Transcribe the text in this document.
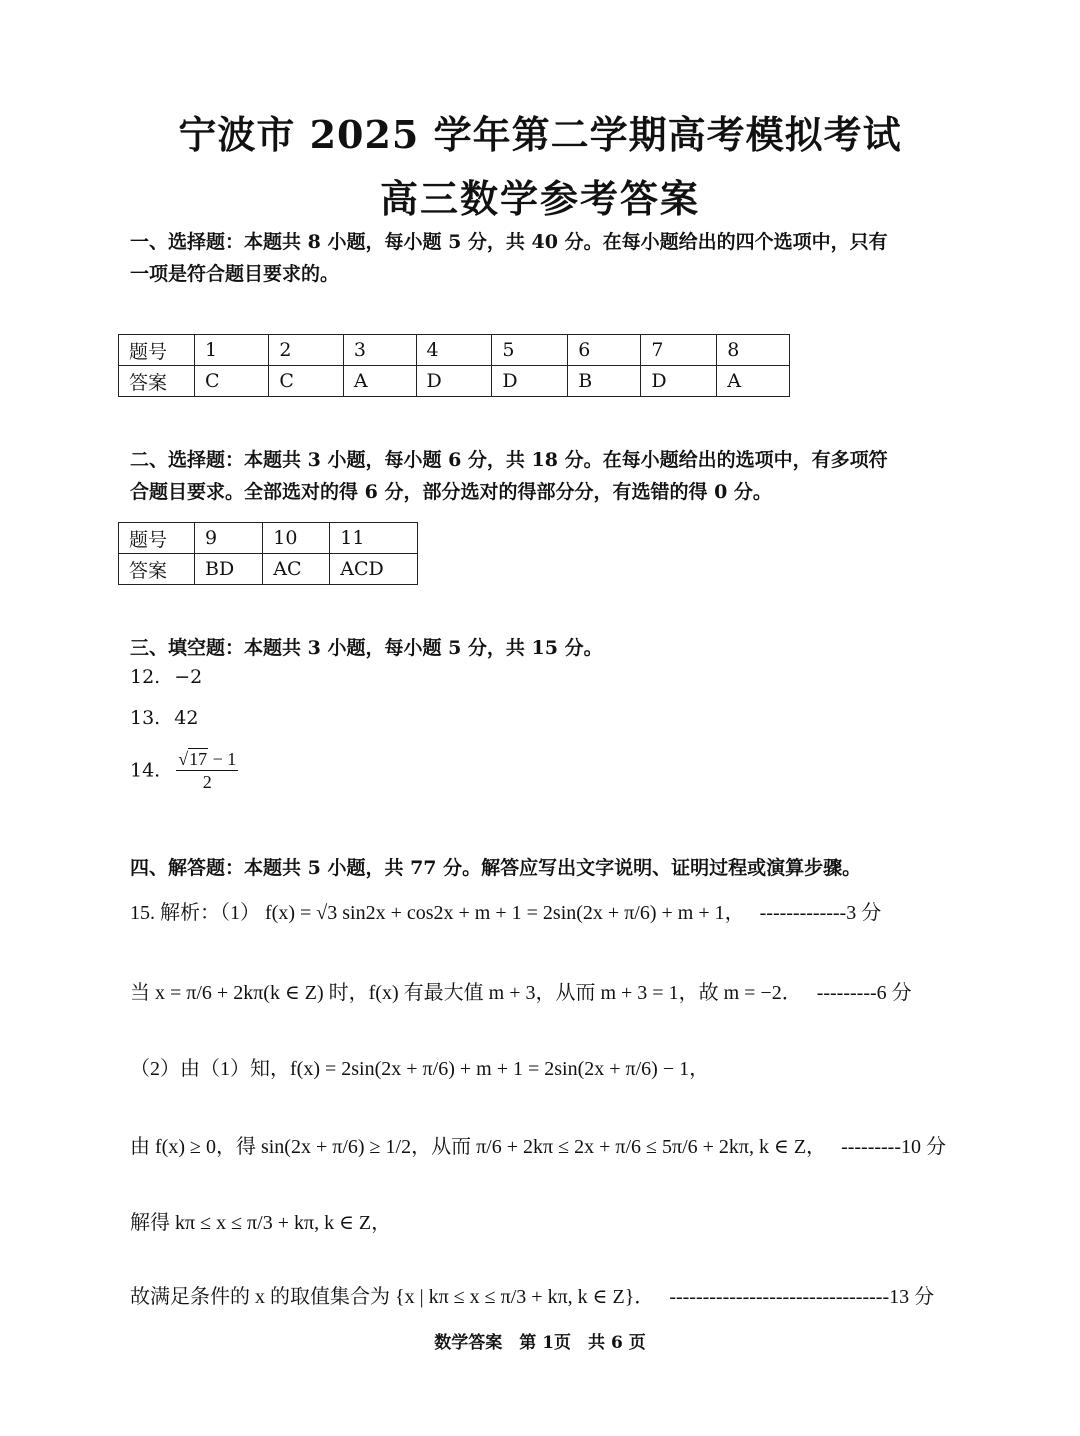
宁波市 2025 学年第二学期高考模拟考试
高三数学参考答案
一、选择题：本题共 8 小题，每小题 5 分，共 40 分。在每小题给出的四个选项中，只有
一项是符合题目要求的。
题号	1	2	3	4	5	6	7	8
答案	C	C	A	D	D	B	D	A
二、选择题：本题共 3 小题，每小题 6 分，共 18 分。在每小题给出的选项中，有多项符
合题目要求。全部选对的得 6 分，部分选对的得部分分，有选错的得 0 分。
题号	9	10	11
答案	BD	AC	ACD
三、填空题：本题共 3 小题，每小题 5 分，共 15 分。
12. −2
13. 42
14. $\frac{√17 - 1}{2}$
四、解答题：本题共 5 小题，共 77 分。解答应写出文字说明、证明过程或演算步骤。
15. 解析：（1） f(x) = √3 sin2x + cos2x + m + 1 = 2sin(2x + π/6) + m + 1， -------------3 分
当 x = π/6 + 2kπ(k ∈ Z) 时，f(x) 有最大值 m + 3，从而 m + 3 = 1，故 m = −2． ---------6 分
（2）由（1）知，f(x) = 2sin(2x + π/6) + m + 1 = 2sin(2x + π/6) − 1，
由 f(x) ≥ 0，得 sin(2x + π/6) ≥ 1/2，从而 π/6 + 2kπ ≤ 2x + π/6 ≤ 5π/6 + 2kπ, k ∈ Z， ---------10 分
解得 kπ ≤ x ≤ π/3 + kπ, k ∈ Z，
故满足条件的 x 的取值集合为 {x | kπ ≤ x ≤ π/3 + kπ, k ∈ Z}． ---------------------------------13 分
数学答案　第 1页　共 6 页
